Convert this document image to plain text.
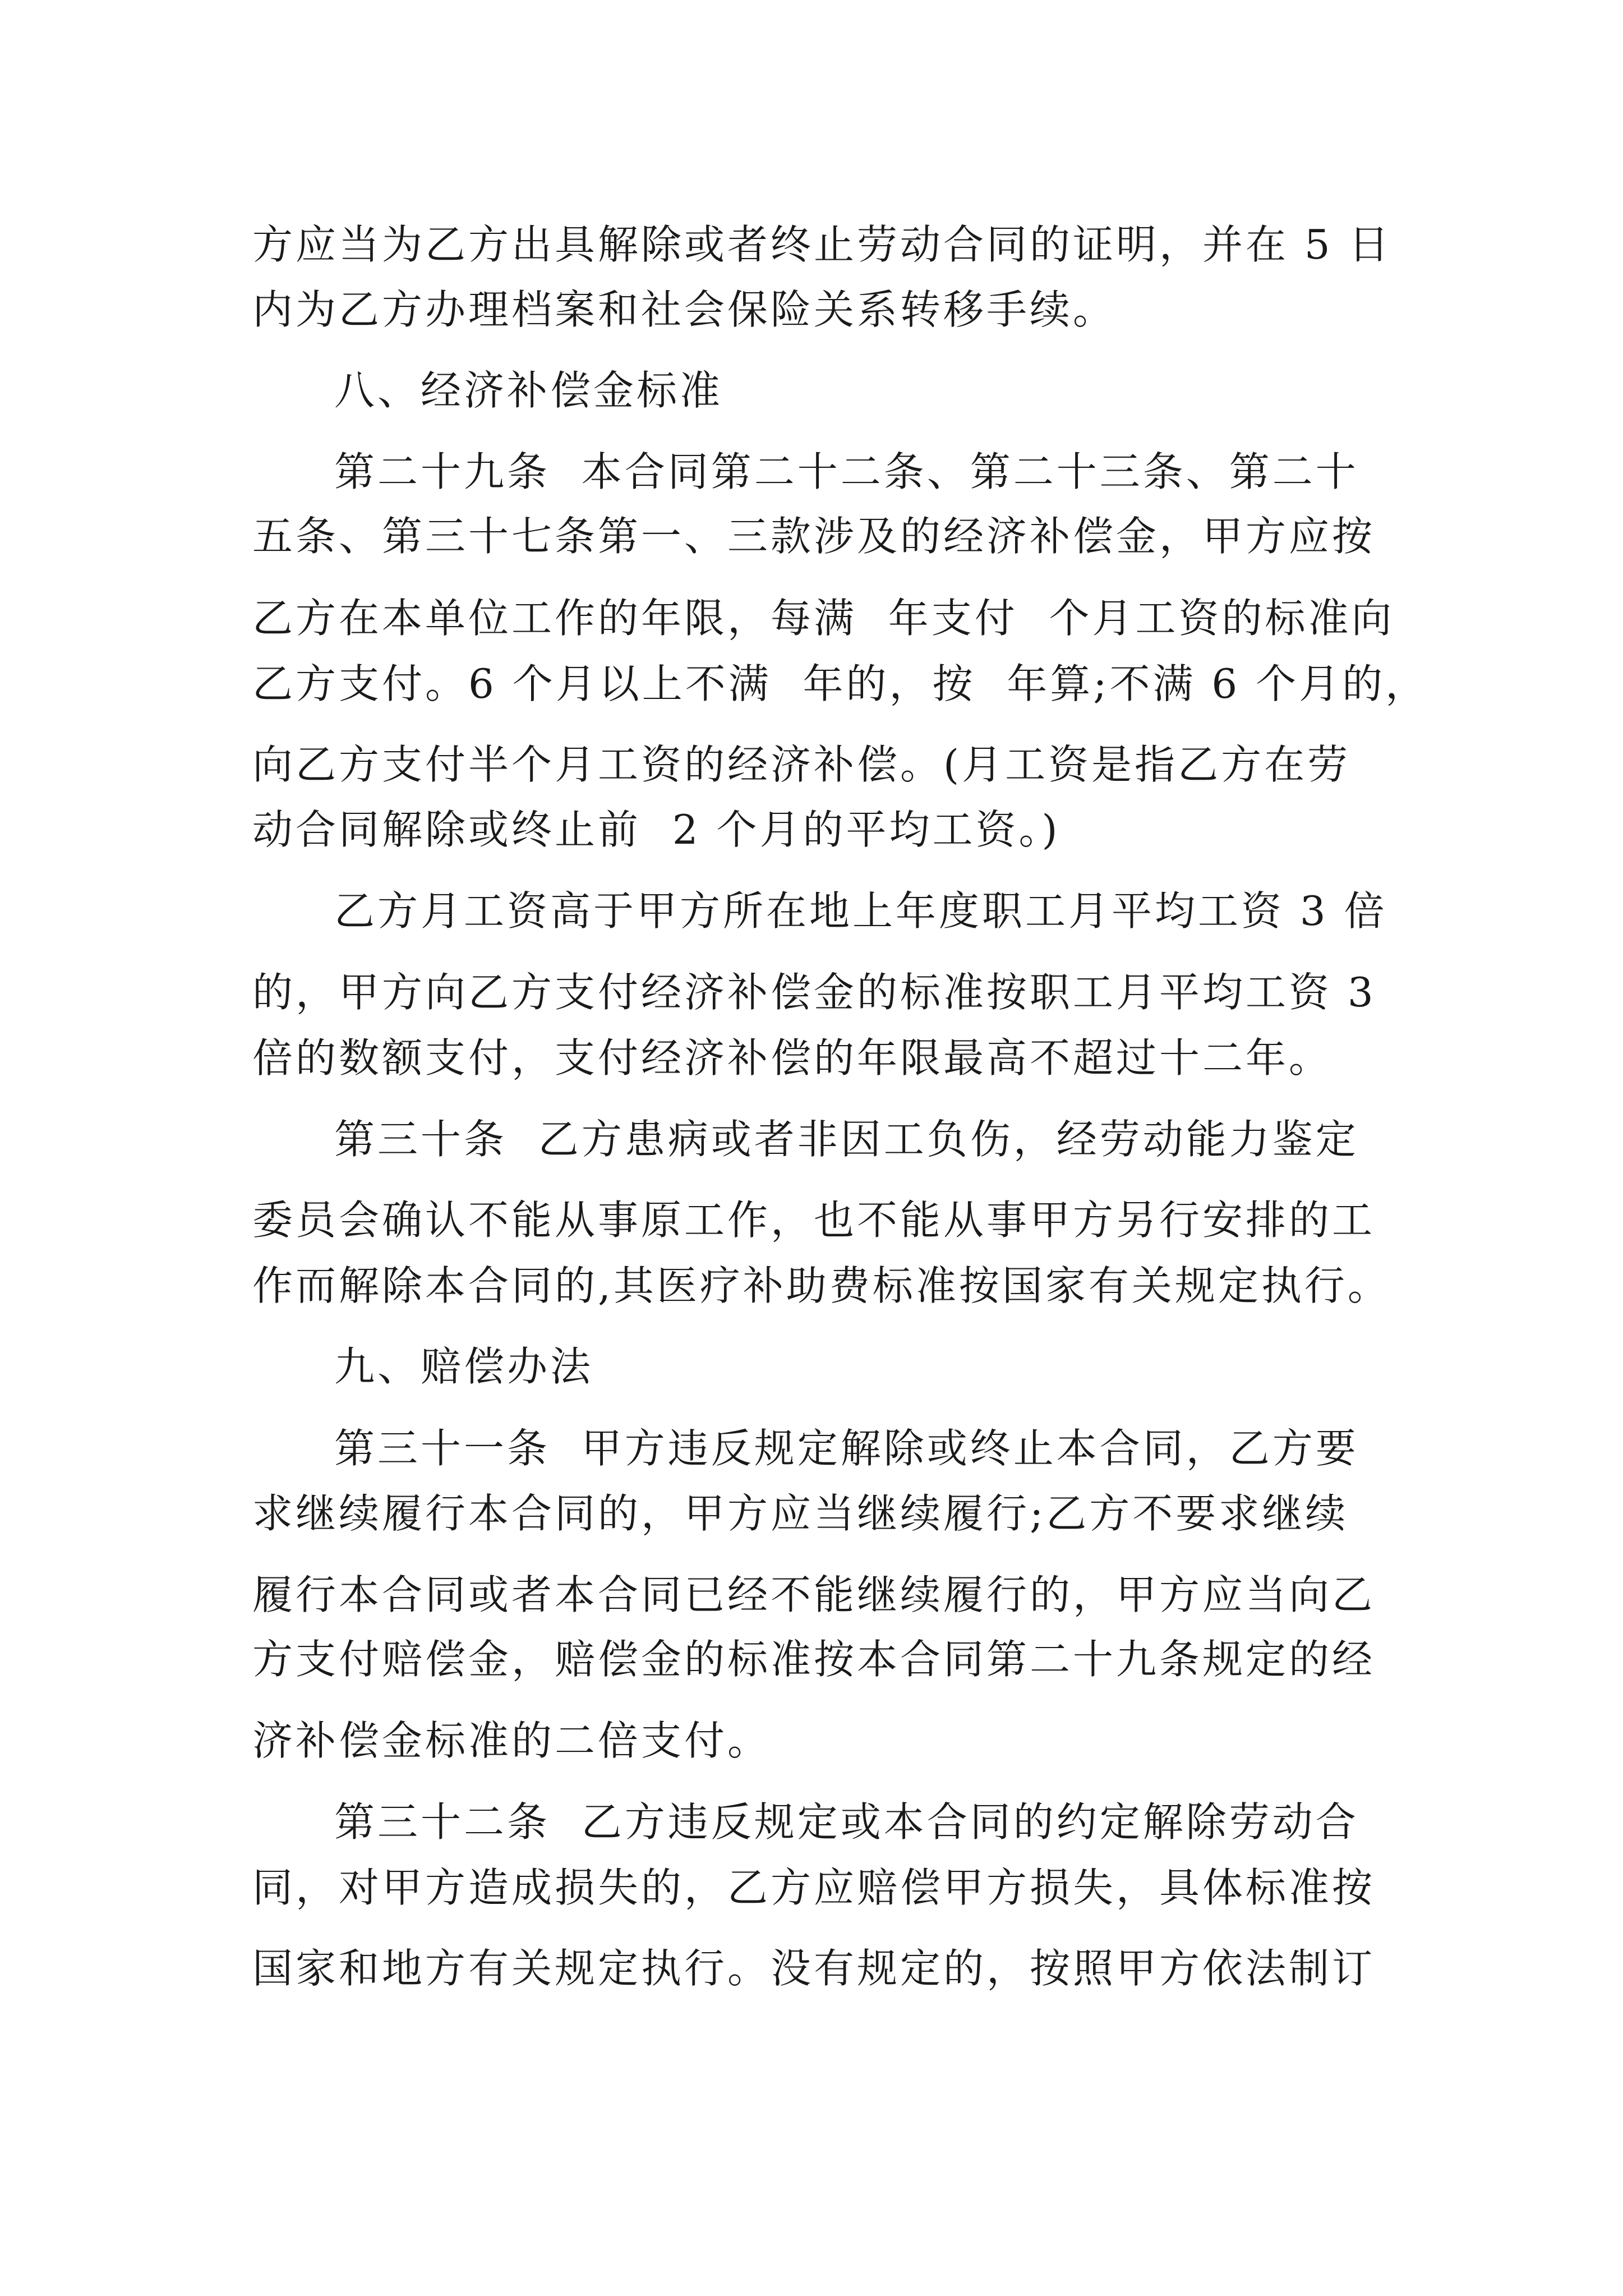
方应当为乙方出具解除或者终止劳动合同的证明，并在 5 日
内为乙方办理档案和社会保险关系转移手续。
八、经济补偿金标准
第二十九条  本合同第二十二条、第二十三条、第二十
五条、第三十七条第一、三款涉及的经济补偿金，甲方应按
乙方在本单位工作的年限，每满  年支付  个月工资的标准向
乙方支付。6 个月以上不满  年的，按  年算;不满 6 个月的，
向乙方支付半个月工资的经济补偿。(月工资是指乙方在劳
动合同解除或终止前  2 个月的平均工资。)
乙方月工资高于甲方所在地上年度职工月平均工资 3 倍
的，甲方向乙方支付经济补偿金的标准按职工月平均工资 3
倍的数额支付，支付经济补偿的年限最高不超过十二年。
第三十条  乙方患病或者非因工负伤，经劳动能力鉴定
委员会确认不能从事原工作，也不能从事甲方另行安排的工
作而解除本合同的,其医疗补助费标准按国家有关规定执行。
九、赔偿办法
第三十一条  甲方违反规定解除或终止本合同，乙方要
求继续履行本合同的，甲方应当继续履行;乙方不要求继续
履行本合同或者本合同已经不能继续履行的，甲方应当向乙
方支付赔偿金，赔偿金的标准按本合同第二十九条规定的经
济补偿金标准的二倍支付。
第三十二条  乙方违反规定或本合同的约定解除劳动合
同，对甲方造成损失的，乙方应赔偿甲方损失，具体标准按
国家和地方有关规定执行。没有规定的，按照甲方依法制订
